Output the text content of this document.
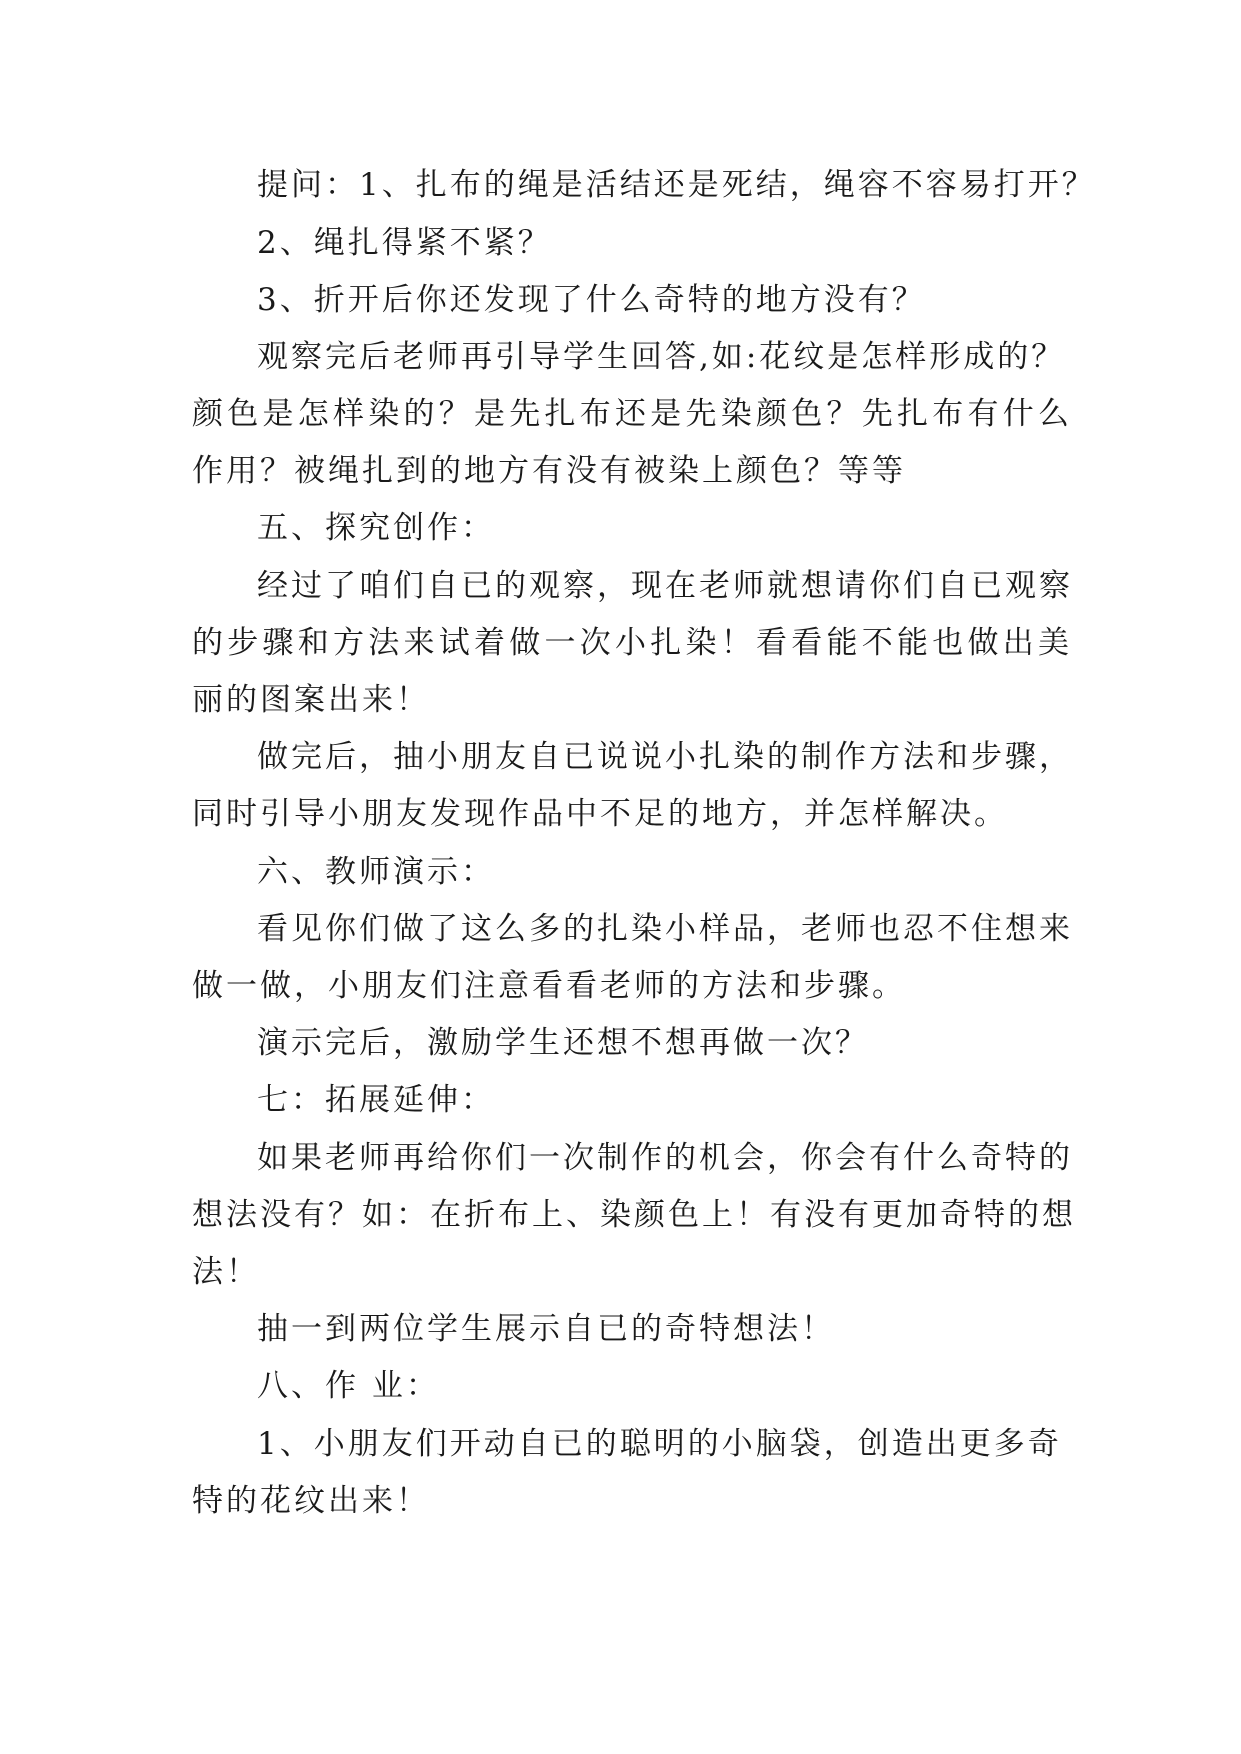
提问：1、扎布的绳是活结还是死结，绳容不容易打开？
2、绳扎得紧不紧？
3、折开后你还发现了什么奇特的地方没有？
观察完后老师再引导学生回答,如:花纹是怎样形成的？
颜色是怎样染的？是先扎布还是先染颜色？先扎布有什么
作用？被绳扎到的地方有没有被染上颜色？等等
五、探究创作：
经过了咱们自已的观察，现在老师就想请你们自已观察
的步骤和方法来试着做一次小扎染！看看能不能也做出美
丽的图案出来！
做完后，抽小朋友自已说说小扎染的制作方法和步骤，
同时引导小朋友发现作品中不足的地方，并怎样解决。
六、教师演示：
看见你们做了这么多的扎染小样品，老师也忍不住想来
做一做，小朋友们注意看看老师的方法和步骤。
演示完后，激励学生还想不想再做一次？
七：拓展延伸：
如果老师再给你们一次制作的机会，你会有什么奇特的
想法没有？如：在折布上、染颜色上！有没有更加奇特的想
法！
抽一到两位学生展示自已的奇特想法！
八、作 业：
1、小朋友们开动自已的聪明的小脑袋，创造出更多奇
特的花纹出来！
